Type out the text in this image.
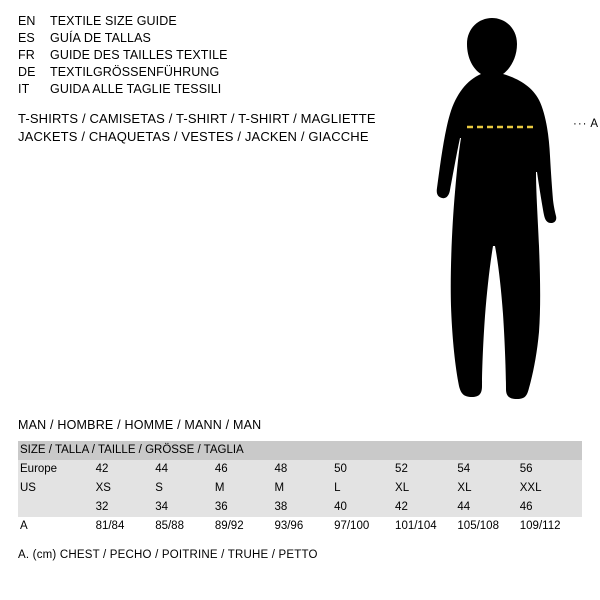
EN	TEXTILE SIZE GUIDE
ES	GUÍA DE TALLAS
FR	GUIDE DES TAILLES TEXTILE
DE	TEXTILGRÖSSENFÜHRUNG
IT	GUIDA ALLE TAGLIE TESSILI
T-SHIRTS / CAMISETAS / T-SHIRT / T-SHIRT / MAGLIETTE
JACKETS / CHAQUETAS / VESTES / JACKEN / GIACCHE
··· A
MAN / HOMBRE / HOMME / MANN / MAN
SIZE / TALLA / TAILLE / GRÖSSE / TAGLIA								
Europe	42	44	46	48	50	52	54	56
US	XS	S	M	M	L	XL	XL	XXL
	32	34	36	38	40	42	44	46
A	81/84	85/88	89/92	93/96	97/100	101/104	105/108	109/112
A. (cm) CHEST / PECHO / POITRINE / TRUHE / PETTO
